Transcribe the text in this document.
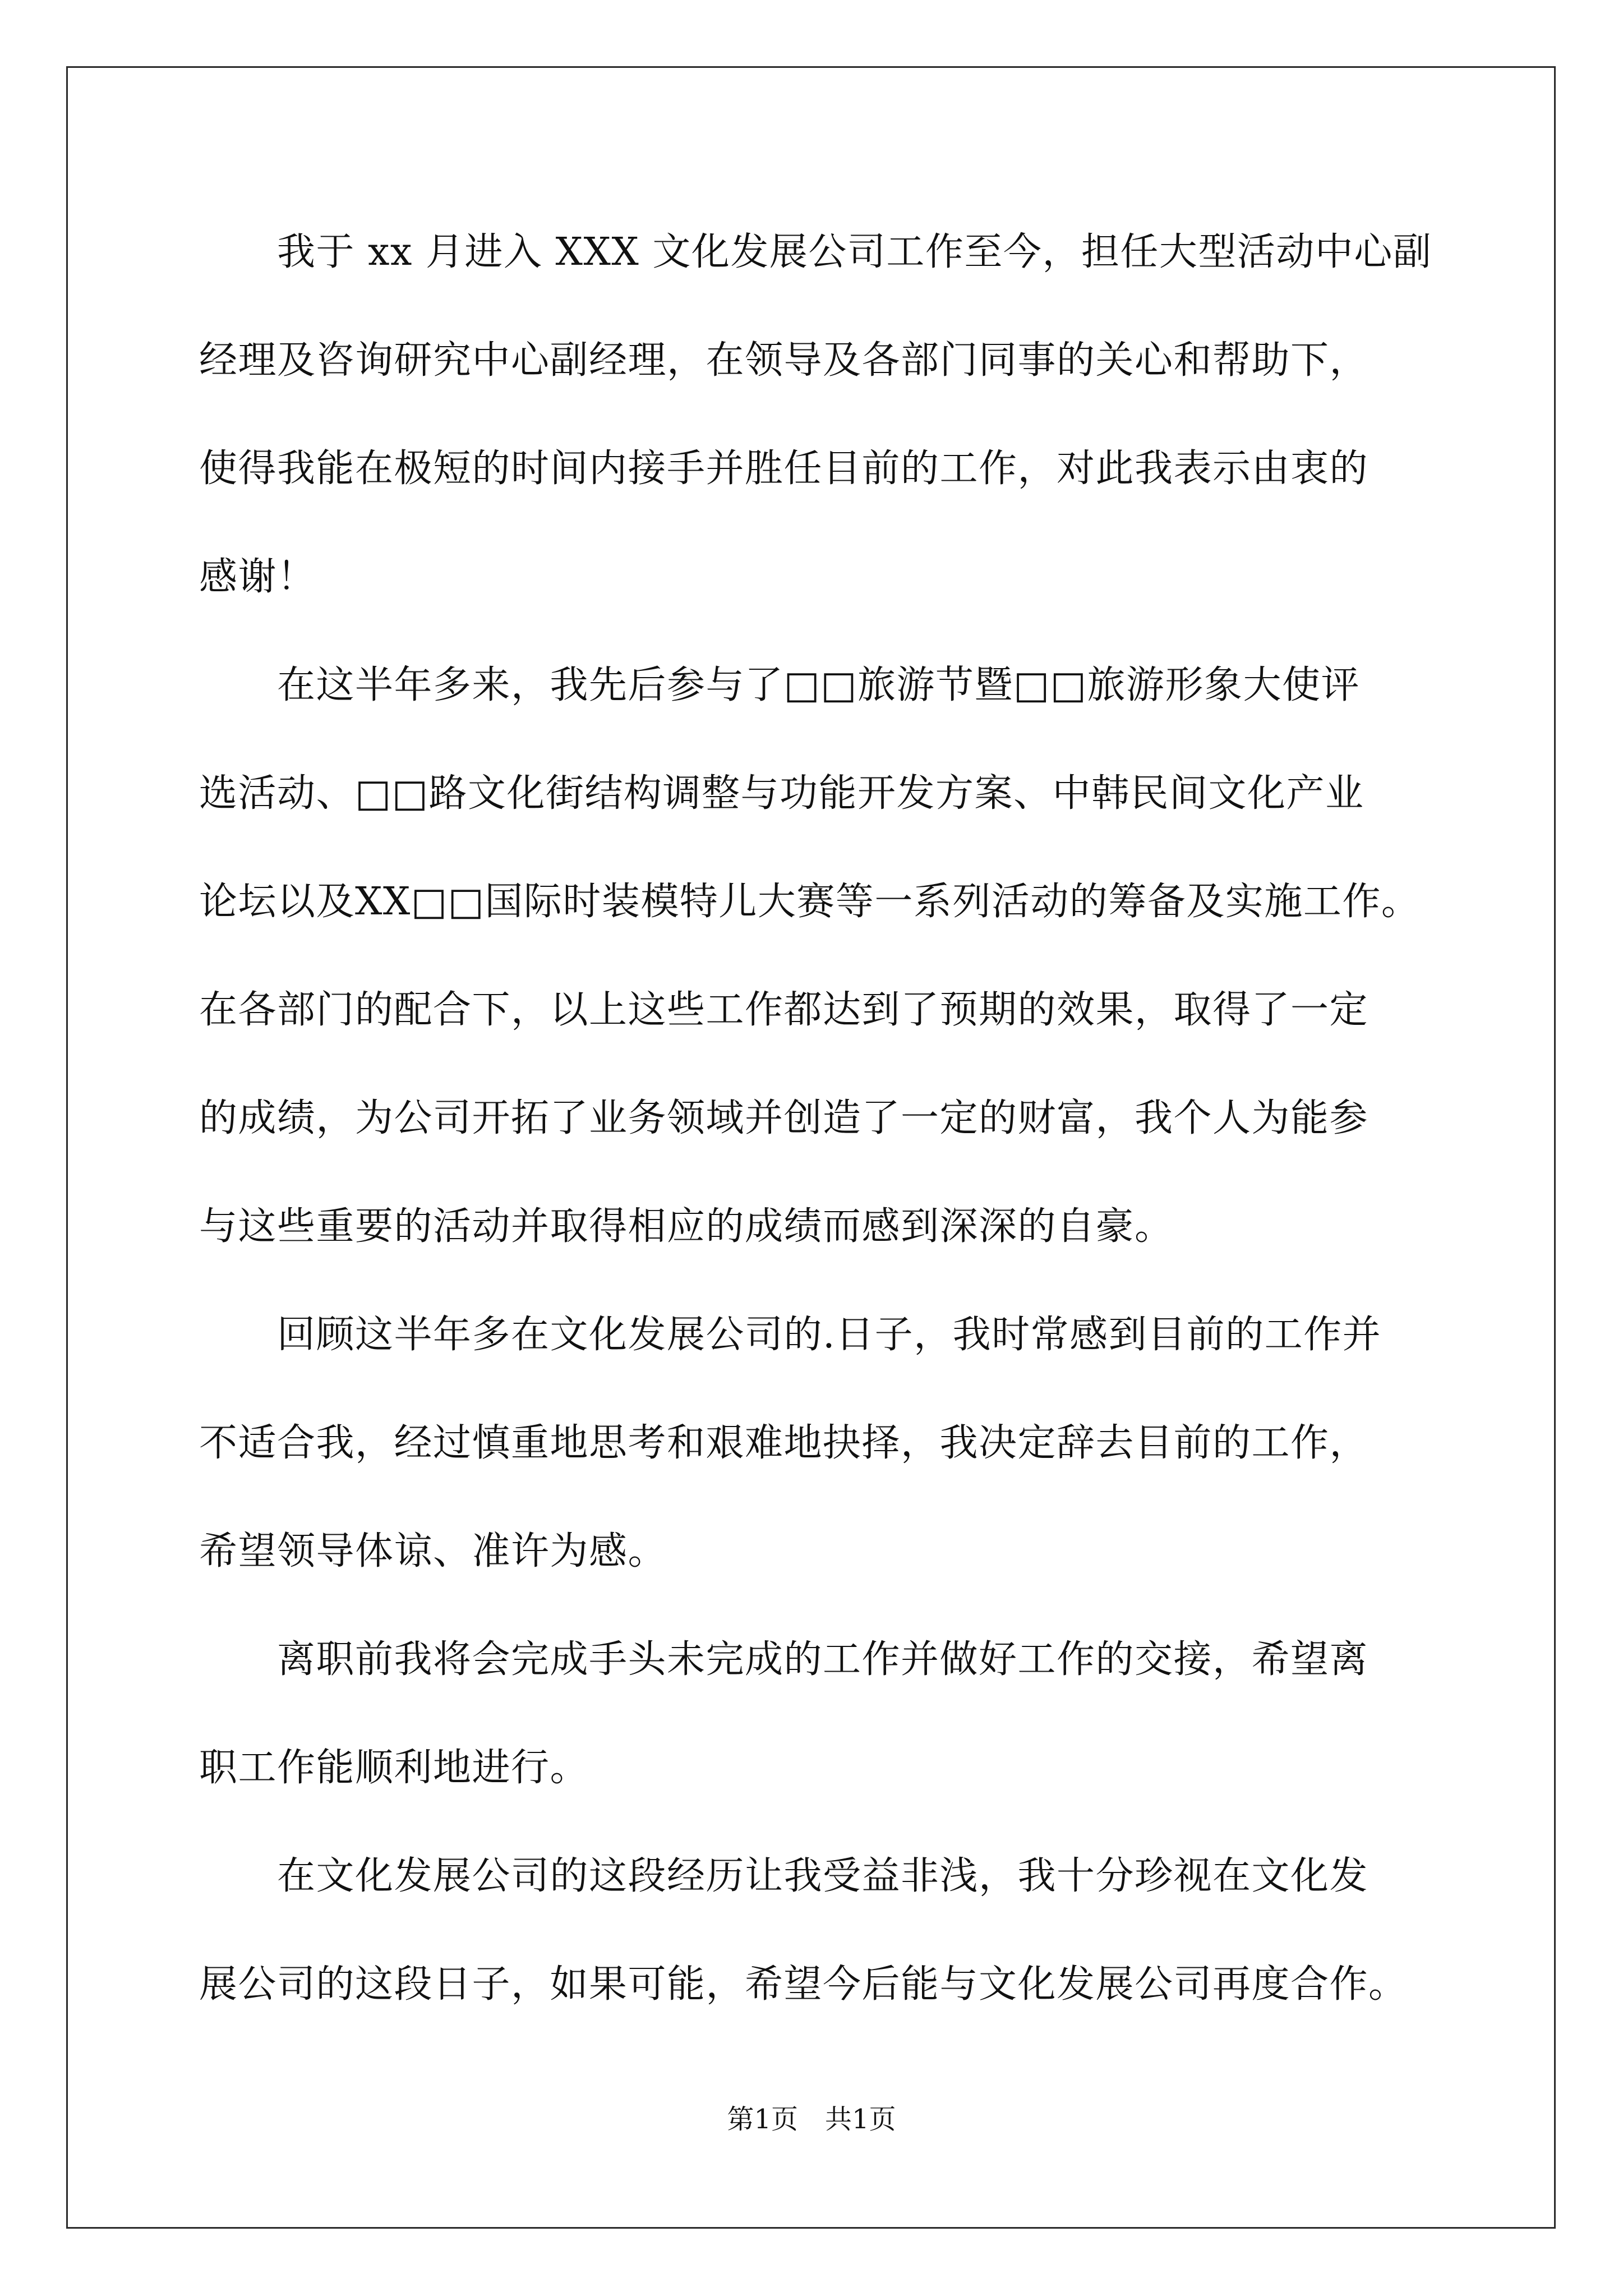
　　我于 xx 月进入 XXX 文化发展公司工作至今，担任大型活动中心副
经理及咨询研究中心副经理，在领导及各部门同事的关心和帮助下，
使得我能在极短的时间内接手并胜任目前的工作，对此我表示由衷的
感谢！
　　在这半年多来，我先后参与了□□旅游节暨□□旅游形象大使评
选活动、□□路文化街结构调整与功能开发方案、中韩民间文化产业
论坛以及XX□□国际时装模特儿大赛等一系列活动的筹备及实施工作。
在各部门的配合下，以上这些工作都达到了预期的效果，取得了一定
的成绩，为公司开拓了业务领域并创造了一定的财富，我个人为能参
与这些重要的活动并取得相应的成绩而感到深深的自豪。
　　回顾这半年多在文化发展公司的.日子，我时常感到目前的工作并
不适合我，经过慎重地思考和艰难地抉择，我决定辞去目前的工作，
希望领导体谅、准许为感。
　　离职前我将会完成手头未完成的工作并做好工作的交接，希望离
职工作能顺利地进行。
　　在文化发展公司的这段经历让我受益非浅，我十分珍视在文化发
展公司的这段日子，如果可能，希望今后能与文化发展公司再度合作。
第1页　共1页
